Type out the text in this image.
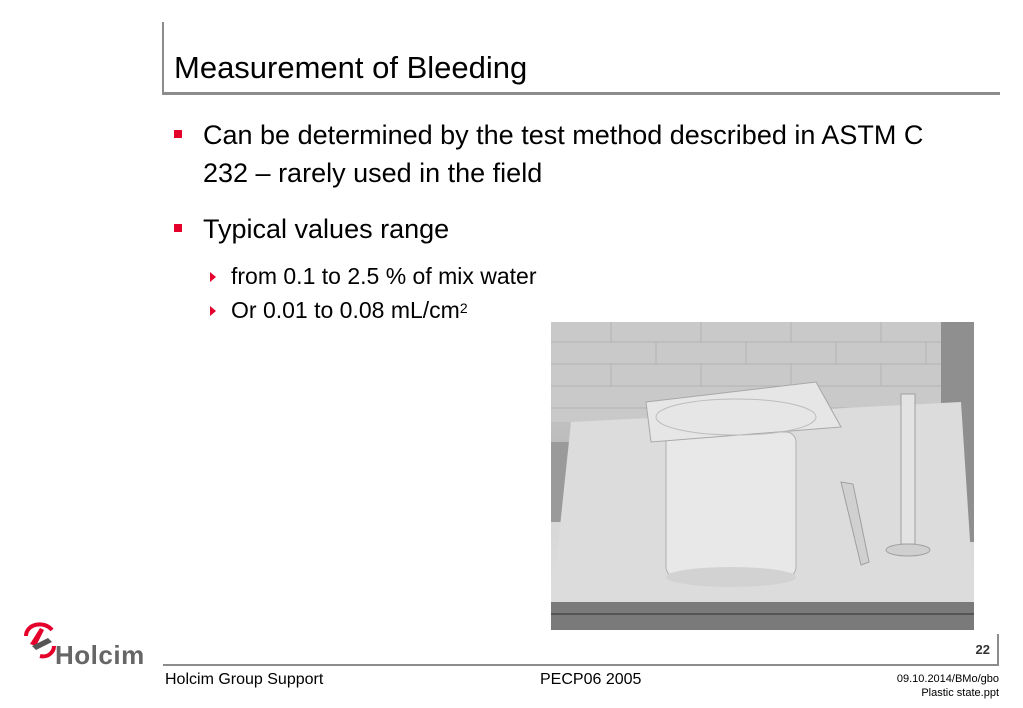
Measurement of Bleeding
Can be determined by the test method described in ASTM C 232 – rarely used in the field
Typical values range
from 0.1 to 2.5 % of mix water
Or 0.01 to 0.08 $mL/cm^2$
Holcim	22
Holcim Group Support	PECP06 2005	09.10.2014/BMo/gbo
Plastic state.ppt
